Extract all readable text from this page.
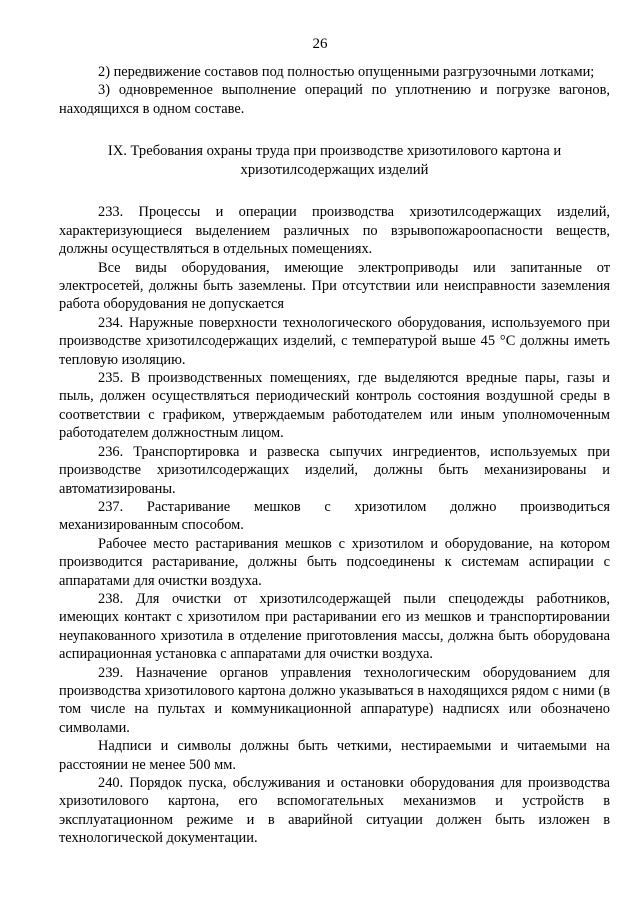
26

2) передвижение составов под полностью опущенными разгрузочными лотками;

3) одновременное выполнение операций по уплотнению и погрузке вагонов, находящихся в одном составе.

IX. Требования охраны труда при производстве хризотилового картона и
хризотилсодержащих изделий

233. Процессы и операции производства хризотилсодержащих изделий, характеризующиеся выделением различных по взрывопожароопасности веществ, должны осуществляться в отдельных помещениях.

Все виды оборудования, имеющие электроприводы или запитанные от электросетей, должны быть заземлены. При отсутствии или неисправности заземления работа оборудования не допускается

234. Наружные поверхности технологического оборудования, используемого при производстве хризотилсодержащих изделий, с температурой выше 45 °С должны иметь тепловую изоляцию.

235. В производственных помещениях, где выделяются вредные пары, газы и пыль, должен осуществляться периодический контроль состояния воздушной среды в соответствии с графиком, утверждаемым работодателем или иным уполномоченным работодателем должностным лицом.

236. Транспортировка и развеска сыпучих ингредиентов, используемых при производстве хризотилсодержащих изделий, должны быть механизированы и автоматизированы.

237. Растаривание мешков с хризотилом должно производиться механизированным способом.

Рабочее место растаривания мешков с хризотилом и оборудование, на котором производится растаривание, должны быть подсоединены к системам аспирации с аппаратами для очистки воздуха.

238. Для очистки от хризотилсодержащей пыли спецодежды работников, имеющих контакт с хризотилом при растаривании его из мешков и транспортировании неупакованного хризотила в отделение приготовления массы, должна быть оборудована аспирационная установка с аппаратами для очистки воздуха.

239. Назначение органов управления технологическим оборудованием для производства хризотилового картона должно указываться в находящихся рядом с ними (в том числе на пультах и коммуникационной аппаратуре) надписях или обозначено символами.

Надписи и символы должны быть четкими, нестираемыми и читаемыми на расстоянии не менее 500 мм.

240. Порядок пуска, обслуживания и остановки оборудования для производства хризотилового картона, его вспомогательных механизмов и устройств в эксплуатационном режиме и в аварийной ситуации должен быть изложен в технологической документации.
